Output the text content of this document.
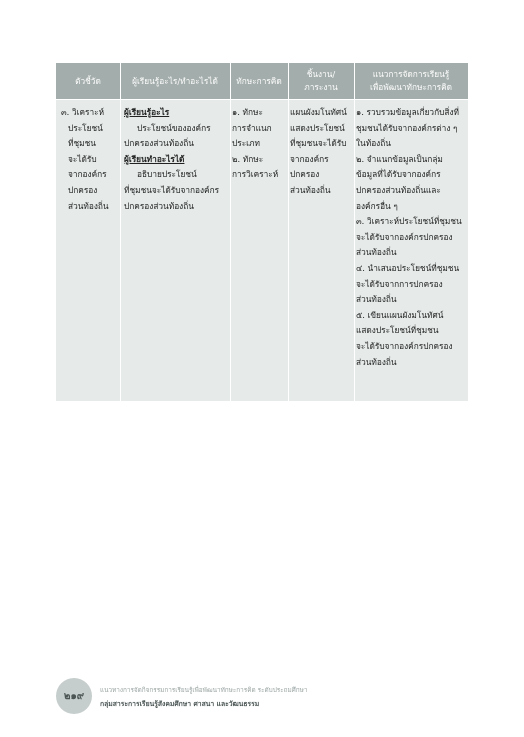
ตัวชี้วัด	ผู้เรียนรู้อะไร/ทำอะไรได้	ทักษะการคิด
ชิ้นงาน/
ภาระงาน
แนวการจัดการเรียนรู้
เพื่อพัฒนาทักษะการคิด
๓. วิเคราะห์
ประโยชน์
ที่ชุมชน
จะได้รับ
จากองค์กร
ปกครอง
ส่วนท้องถิ่น
ผู้เรียนรู้อะไร
ประโยชน์ขององค์กร
ปกครองส่วนท้องถิ่น
ผู้เรียนทำอะไรได้
อธิบายประโยชน์
ที่ชุมชนจะได้รับจากองค์กร
ปกครองส่วนท้องถิ่น
๑. ทักษะ
การจำแนก
ประเภท
๒. ทักษะ
การวิเคราะห์
แผนผังมโนทัศน์
แสดงประโยชน์
ที่ชุมชนจะได้รับ
จากองค์กร
ปกครอง
ส่วนท้องถิ่น
๑. รวบรวมข้อมูลเกี่ยวกับสิ่งที่
ชุมชนได้รับจากองค์กรต่าง ๆ
ในท้องถิ่น
๒. จำแนกข้อมูลเป็นกลุ่ม
ข้อมูลที่ได้รับจากองค์กร
ปกครองส่วนท้องถิ่นและ
องค์กรอื่น ๆ
๓. วิเคราะห์ประโยชน์ที่ชุมชน
จะได้รับจากองค์กรปกครอง
ส่วนท้องถิ่น
๔. นำเสนอประโยชน์ที่ชุมชน
จะได้รับจากการปกครอง
ส่วนท้องถิ่น
๕. เขียนแผนผังมโนทัศน์
แสดงประโยชน์ที่ชุมชน
จะได้รับจากองค์กรปกครอง
ส่วนท้องถิ่น
๒๑๙
แนวทางการจัดกิจกรรมการเรียนรู้เพื่อพัฒนาทักษะการคิด ระดับประถมศึกษา
กลุ่มสาระการเรียนรู้สังคมศึกษา ศาสนา และวัฒนธรรม
